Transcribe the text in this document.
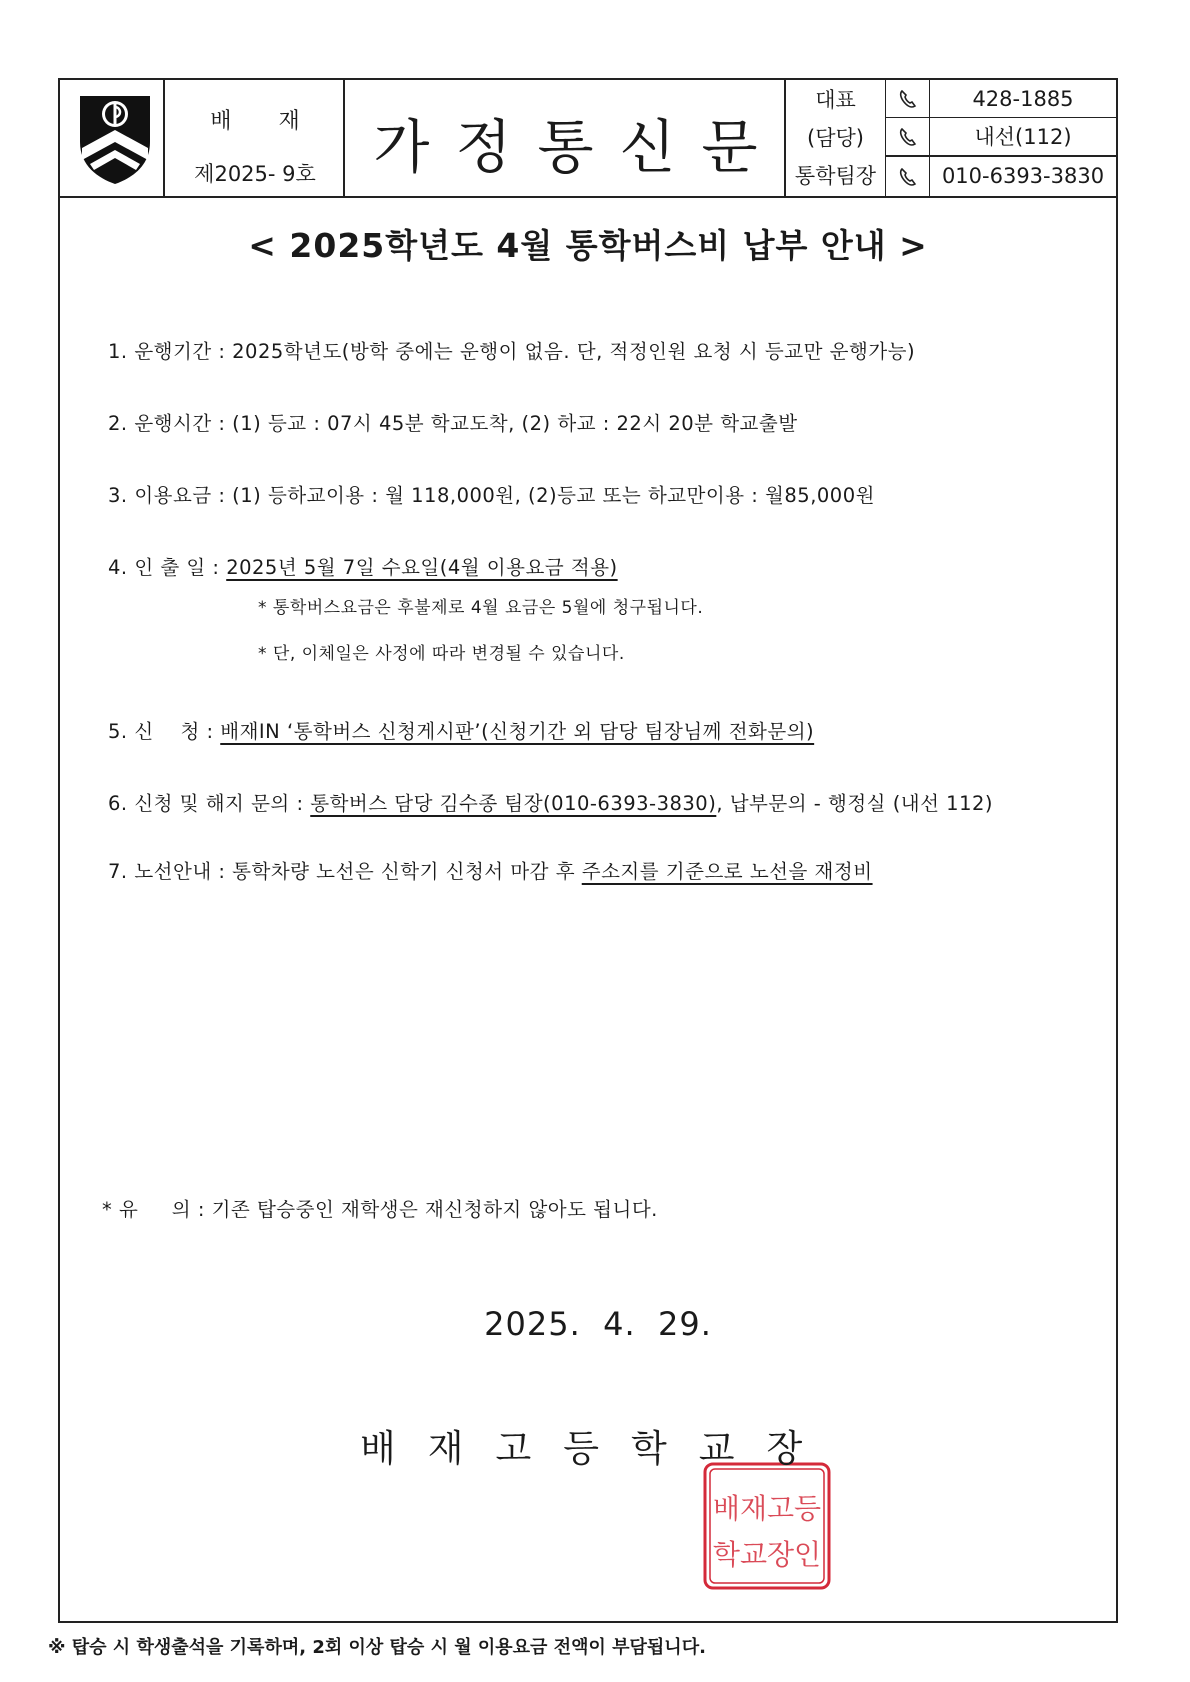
배 재
제2025- 9호 가정통신문
대표
(담당)
428-1885
내선(112)
통학팀장	010-6393-3830
< 2025학년도 4월 통학버스비 납부 안내 >
1. 운행기간 : 2025학년도(방학 중에는 운행이 없음. 단, 적정인원 요청 시 등교만 운행가능)
2. 운행시간 : (1) 등교 : 07시 45분 학교도착, (2) 하교 : 22시 20분 학교출발
3. 이용요금 : (1) 등하교이용 : 월 118,000원, (2)등교 또는 하교만이용 : 월85,000원
4. 인 출 일 : 2025년 5월 7일 수요일(4월 이용요금 적용)
* 통학버스요금은 후불제로 4월 요금은 5월에 청구됩니다.
* 단, 이체일은 사정에 따라 변경될 수 있습니다.
5. 신    청 : 배재IN ‘통학버스 신청게시판’(신청기간 외 담당 팀장님께 전화문의)
6. 신청 및 해지 문의 : 통학버스 담당 김수종 팀장(010-6393-3830), 납부문의 - 행정실 (내선 112)
7. 노선안내 : 통학차량 노선은 신학기 신청서 마감 후 주소지를 기준으로 노선을 재정비
* 유     의 : 기존 탑승중인 재학생은 재신청하지 않아도 됩니다.
2025.  4.  29.
배재고등
학교장인
배재고등학교장
※ 탑승 시 학생출석을 기록하며, 2회 이상 탑승 시 월 이용요금 전액이 부담됩니다.
